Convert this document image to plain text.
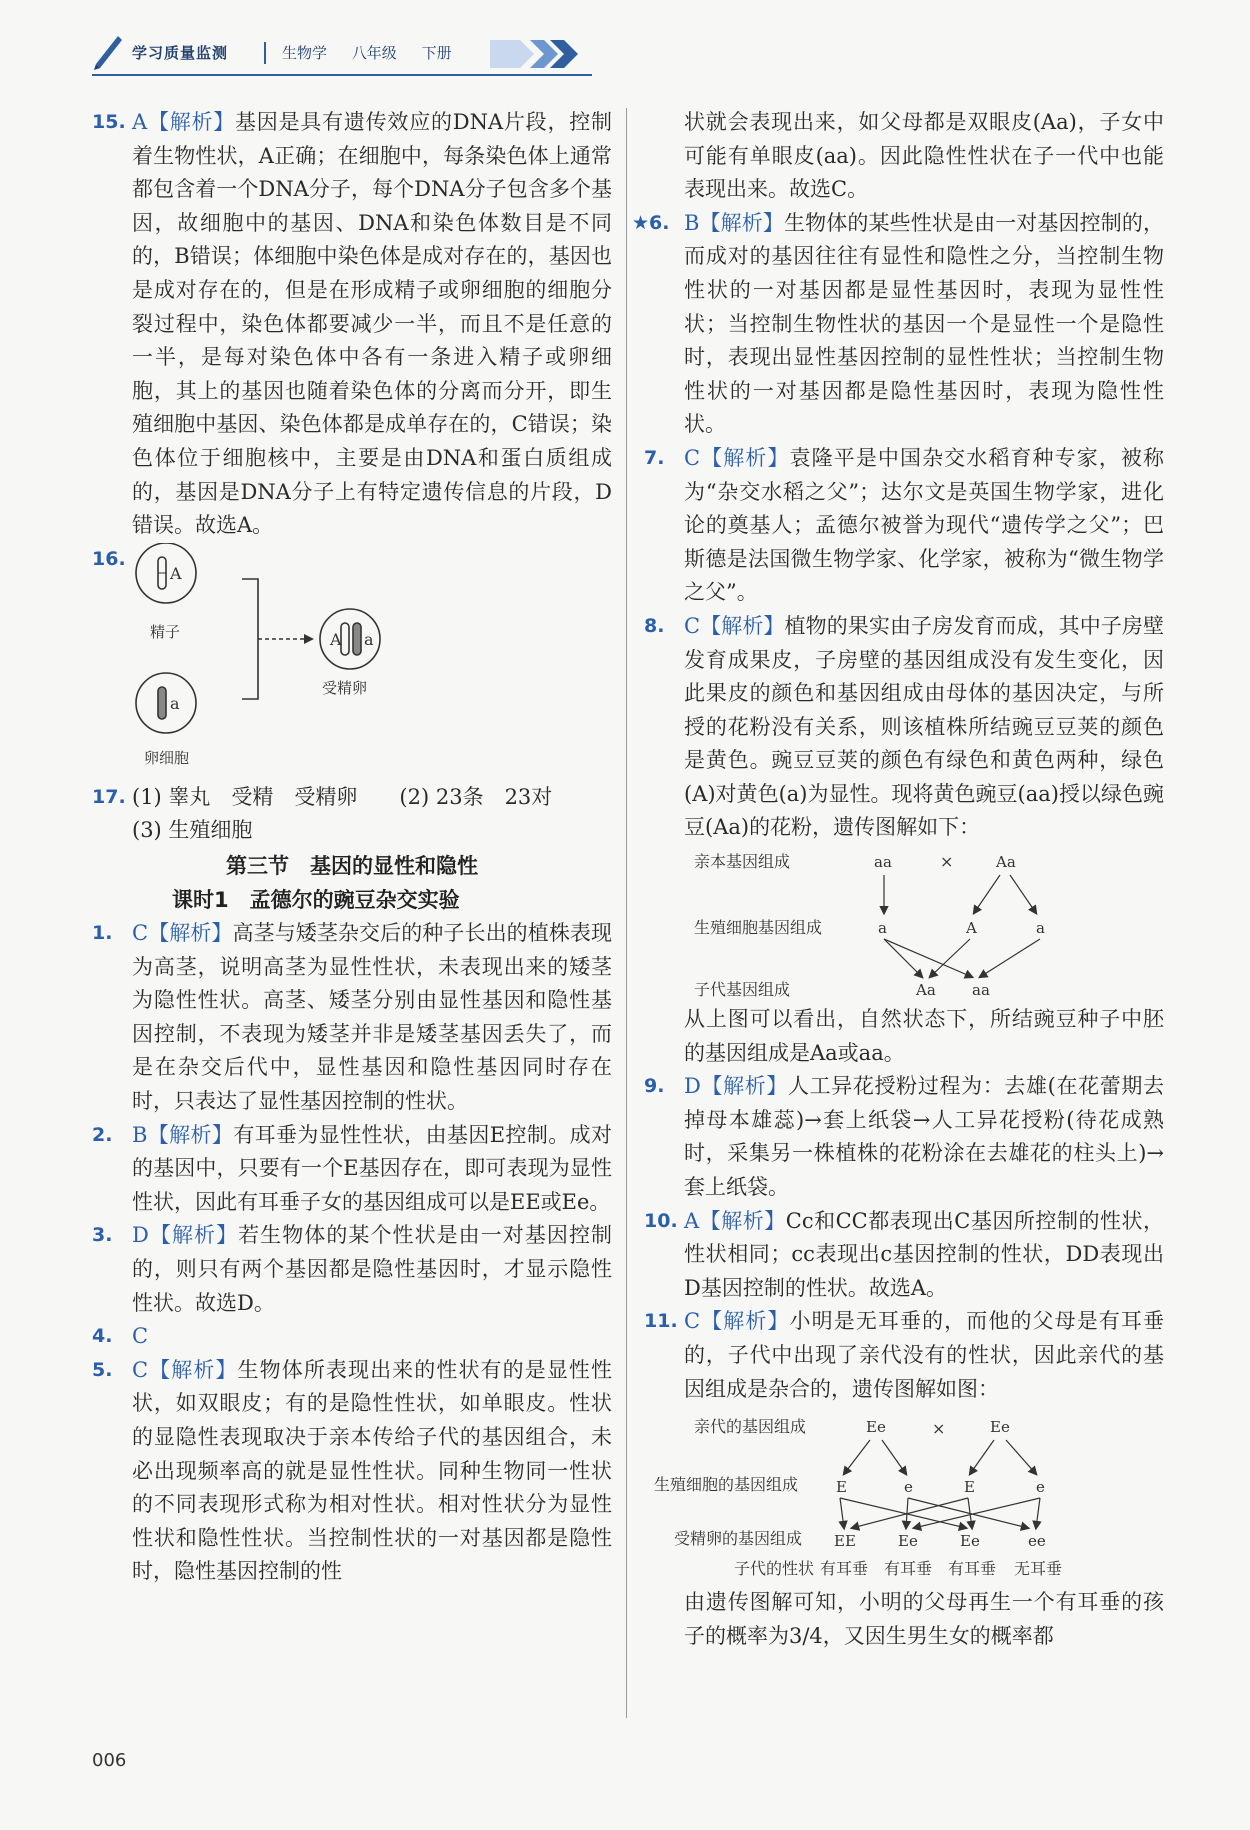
学习质量监测	生物学 八年级 下册
15. A【解析】基因是具有遗传效应的DNA片段，控制着生物性状，A正确；在细胞中，每条染色体上通常都包含着一个DNA分子，每个DNA分子包含多个基因，故细胞中的基因、DNA和染色体数目是不同的，B错误；体细胞中染色体是成对存在的，基因也是成对存在的，但是在形成精子或卵细胞的细胞分裂过程中，染色体都要减少一半，而且不是任意的一半，是每对染色体中各有一条进入精子或卵细胞，其上的基因也随着染色体的分离而分开，即生殖细胞中基因、染色体都是成单存在的，C错误；染色体位于细胞核中，主要是由DNA和蛋白质组成的，基因是DNA分子上有特定遗传信息的片段，D错误。故选A。
16.
A
精子
a
卵细胞
A a
受精卵
17. (1) 睾丸　受精　受精卵　　(2) 23条　23对
(3) 生殖细胞
第三节　基因的显性和隐性
课时1　孟德尔的豌豆杂交实验
1. C【解析】高茎与矮茎杂交后的种子长出的植株表现为高茎，说明高茎为显性性状，未表现出来的矮茎为隐性性状。高茎、矮茎分别由显性基因和隐性基因控制，不表现为矮茎并非是矮茎基因丢失了，而是在杂交后代中，显性基因和隐性基因同时存在时，只表达了显性基因控制的性状。
2. B【解析】有耳垂为显性性状，由基因E控制。成对的基因中，只要有一个E基因存在，即可表现为显性性状，因此有耳垂子女的基因组成可以是EE或Ee。
3. D【解析】若生物体的某个性状是由一对基因控制的，则只有两个基因都是隐性基因时，才显示隐性性状。故选D。
4. C
5. C【解析】生物体所表现出来的性状有的是显性性状，如双眼皮；有的是隐性性状，如单眼皮。性状的显隐性表现取决于亲本传给子代的基因组合，未必出现频率高的就是显性性状。同种生物同一性状的不同表现形式称为相对性状。相对性状分为显性性状和隐性性状。当控制性状的一对基因都是隐性时，隐性基因控制的性
状就会表现出来，如父母都是双眼皮(Aa)，子女中可能有单眼皮(aa)。因此隐性性状在子一代中也能表现出来。故选C。
★6. B【解析】生物体的某些性状是由一对基因控制的，而成对的基因往往有显性和隐性之分，当控制生物性状的一对基因都是显性基因时，表现为显性性状；当控制生物性状的基因一个是显性一个是隐性时，表现出显性基因控制的显性性状；当控制生物性状的一对基因都是隐性基因时，表现为隐性性状。
7. C【解析】袁隆平是中国杂交水稻育种专家，被称为“杂交水稻之父”；达尔文是英国生物学家，进化论的奠基人；孟德尔被誉为现代“遗传学之父”；巴斯德是法国微生物学家、化学家，被称为“微生物学之父”。
8. C【解析】植物的果实由子房发育而成，其中子房壁发育成果皮，子房壁的基因组成没有发生变化，因此果皮的颜色和基因组成由母体的基因决定，与所授的花粉没有关系，则该植株所结豌豆豆荚的颜色是黄色。豌豆豆荚的颜色有绿色和黄色两种，绿色(A)对黄色(a)为显性。现将黄色豌豆(aa)授以绿色豌豆(Aa)的花粉，遗传图解如下：
亲本基因组成
生殖细胞基因组成
子代基因组成
aa	×	Aa
a	A	a
Aa aa
从上图可以看出，自然状态下，所结豌豆种子中胚的基因组成是Aa或aa。
9. D【解析】人工异花授粉过程为：去雄(在花蕾期去掉母本雄蕊)→套上纸袋→人工异花授粉(待花成熟时，采集另一株植株的花粉涂在去雄花的柱头上)→套上纸袋。
10. A【解析】Cc和CC都表现出C基因所控制的性状，性状相同；cc表现出c基因控制的性状，DD表现出D基因控制的性状。故选A。
11. C【解析】小明是无耳垂的，而他的父母是有耳垂的，子代中出现了亲代没有的性状，因此亲代的基因组成是杂合的，遗传图解如图：
亲代的基因组成
生殖细胞的基因组成
受精卵的基因组成
子代的性状
Ee	×	Ee
E	e	E	e
EE	Ee	Ee	ee
有耳垂 有耳垂 有耳垂 无耳垂
由遗传图解可知，小明的父母再生一个有耳垂的孩子的概率为3/4，又因生男生女的概率都
006
